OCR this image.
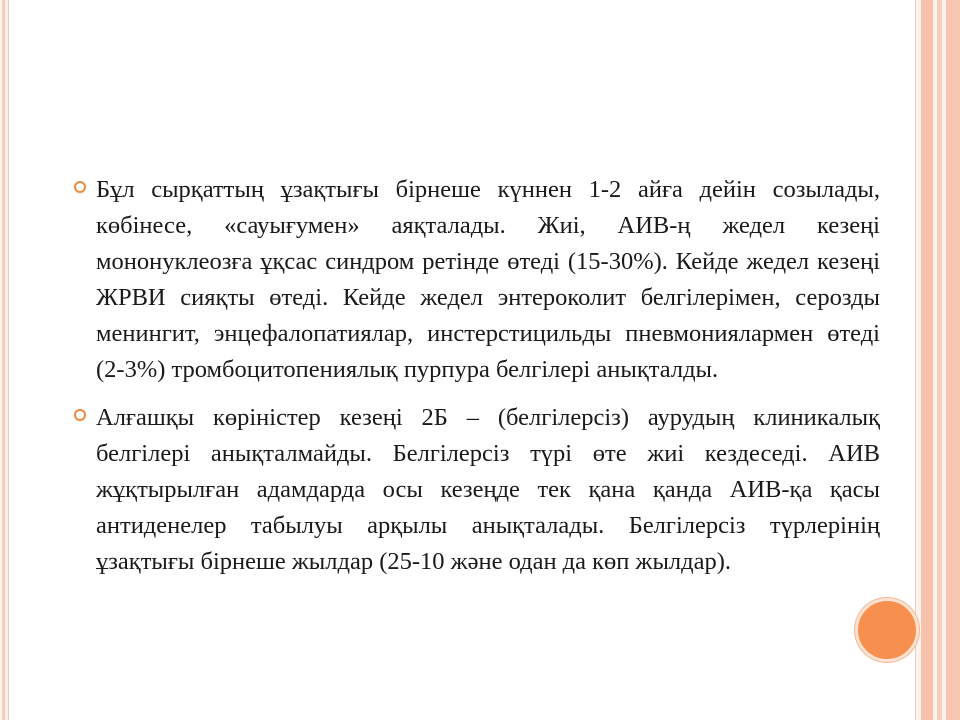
Бұл сырқаттың ұзақтығы бірнеше күннен 1-2 айға дейін созылады, көбінесе, «сауығумен» аяқталады. Жиі, АИВ-ң жедел кезеңі мононуклеозға ұқсас синдром ретінде өтеді (15-30%). Кейде жедел кезеңі ЖРВИ сияқты өтеді. Кейде жедел энтероколит белгілерімен, серозды менингит, энцефалопатиялар, инстерстицильды пневмониялармен өтеді (2-3%) тромбоцитопениялық пурпура белгілері анықталды.

Алғашқы көріністер кезеңі 2Б – (белгілерсіз) аурудың клиникалық белгілері анықталмайды. Белгілерсіз түрі өте жиі кездеседі. АИВ жұқтырылған адамдарда осы кезеңде тек қана қанда АИВ-қа қасы антиденелер табылуы арқылы анықталады. Белгілерсіз түрлерінің ұзақтығы бірнеше жылдар (25-10 және одан да көп жылдар).
